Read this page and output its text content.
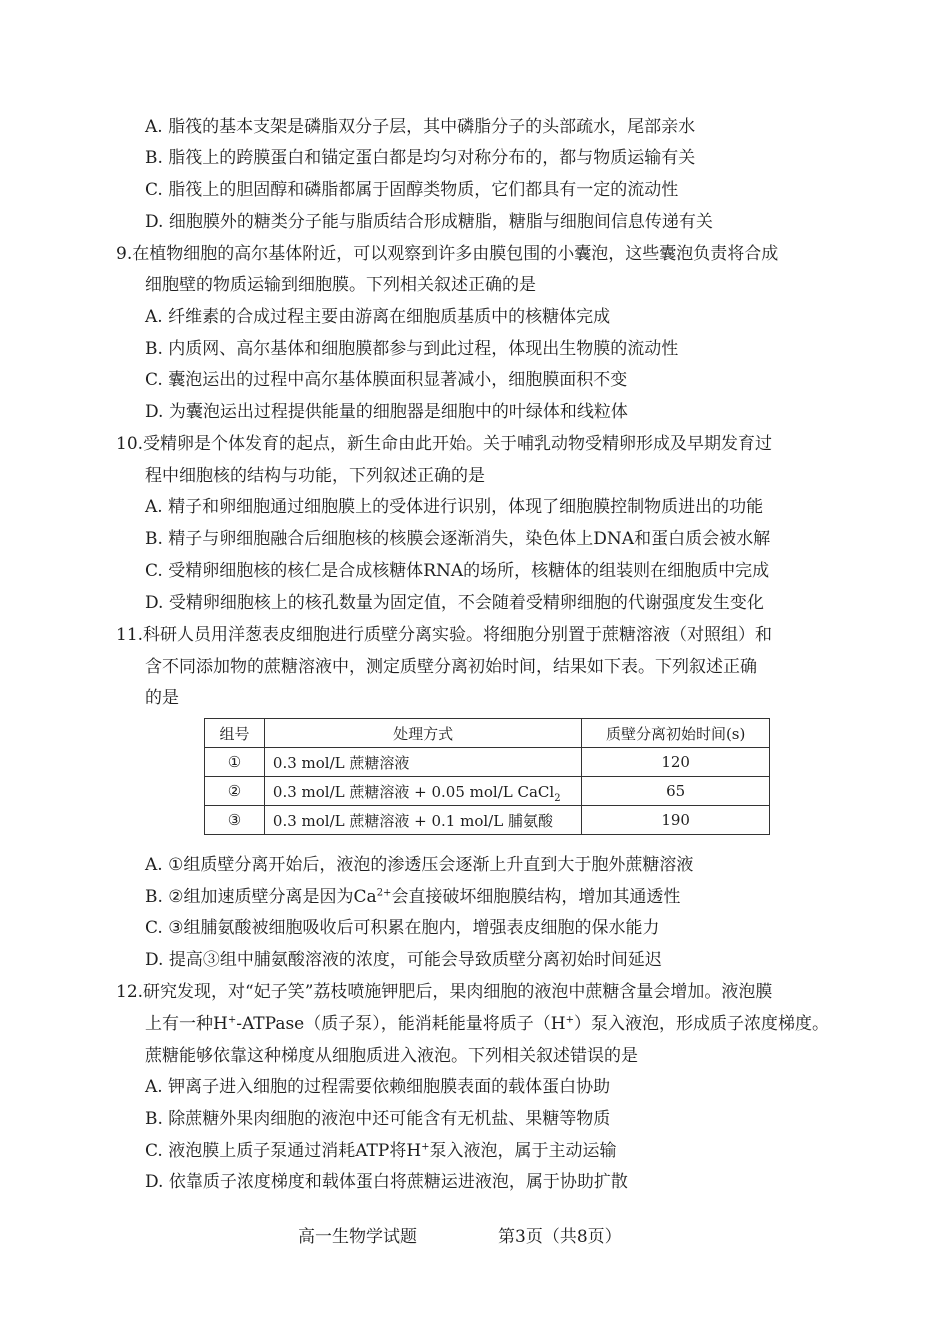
A. 脂筏的基本支架是磷脂双分子层，其中磷脂分子的头部疏水，尾部亲水
B. 脂筏上的跨膜蛋白和锚定蛋白都是均匀对称分布的，都与物质运输有关
C. 脂筏上的胆固醇和磷脂都属于固醇类物质，它们都具有一定的流动性
D. 细胞膜外的糖类分子能与脂质结合形成糖脂，糖脂与细胞间信息传递有关
9.在植物细胞的高尔基体附近，可以观察到许多由膜包围的小囊泡，这些囊泡负责将合成
细胞壁的物质运输到细胞膜。下列相关叙述正确的是
A. 纤维素的合成过程主要由游离在细胞质基质中的核糖体完成
B. 内质网、高尔基体和细胞膜都参与到此过程，体现出生物膜的流动性
C. 囊泡运出的过程中高尔基体膜面积显著减小，细胞膜面积不变
D. 为囊泡运出过程提供能量的细胞器是细胞中的叶绿体和线粒体
10.受精卵是个体发育的起点，新生命由此开始。关于哺乳动物受精卵形成及早期发育过
程中细胞核的结构与功能，下列叙述正确的是
A. 精子和卵细胞通过细胞膜上的受体进行识别，体现了细胞膜控制物质进出的功能
B. 精子与卵细胞融合后细胞核的核膜会逐渐消失，染色体上DNA和蛋白质会被水解
C. 受精卵细胞核的核仁是合成核糖体RNA的场所，核糖体的组装则在细胞质中完成
D. 受精卵细胞核上的核孔数量为固定值，不会随着受精卵细胞的代谢强度发生变化
11.科研人员用洋葱表皮细胞进行质壁分离实验。将细胞分别置于蔗糖溶液（对照组）和
含不同添加物的蔗糖溶液中，测定质壁分离初始时间，结果如下表。下列叙述正确
的是
组号	处理方式	质壁分离初始时间(s)
①	0.3 mol/L 蔗糖溶液	120
②	0.3 mol/L 蔗糖溶液 + 0.05 mol/L CaCl$_2$	65
③	0.3 mol/L 蔗糖溶液 + 0.1 mol/L 脯氨酸	190
A. ①组质壁分离开始后，液泡的渗透压会逐渐上升直到大于胞外蔗糖溶液
B. ②组加速质壁分离是因为$Ca^{2+}$会直接破坏细胞膜结构，增加其通透性
C. ③组脯氨酸被细胞吸收后可积累在胞内，增强表皮细胞的保水能力
D. 提高③组中脯氨酸溶液的浓度，可能会导致质壁分离初始时间延迟
12.研究发现，对“妃子笑”荔枝喷施钾肥后，果肉细胞的液泡中蔗糖含量会增加。液泡膜
上有一种H+-ATPase（质子泵），能消耗能量将质子（H+）泵入液泡，形成质子浓度梯度。
蔗糖能够依靠这种梯度从细胞质进入液泡。下列相关叙述错误的是
A. 钾离子进入细胞的过程需要依赖细胞膜表面的载体蛋白协助
B. 除蔗糖外果肉细胞的液泡中还可能含有无机盐、果糖等物质
C. 液泡膜上质子泵通过消耗ATP将H+泵入液泡，属于主动运输
D. 依靠质子浓度梯度和载体蛋白将蔗糖运进液泡，属于协助扩散
高一生物学试题	第3页（共8页）
